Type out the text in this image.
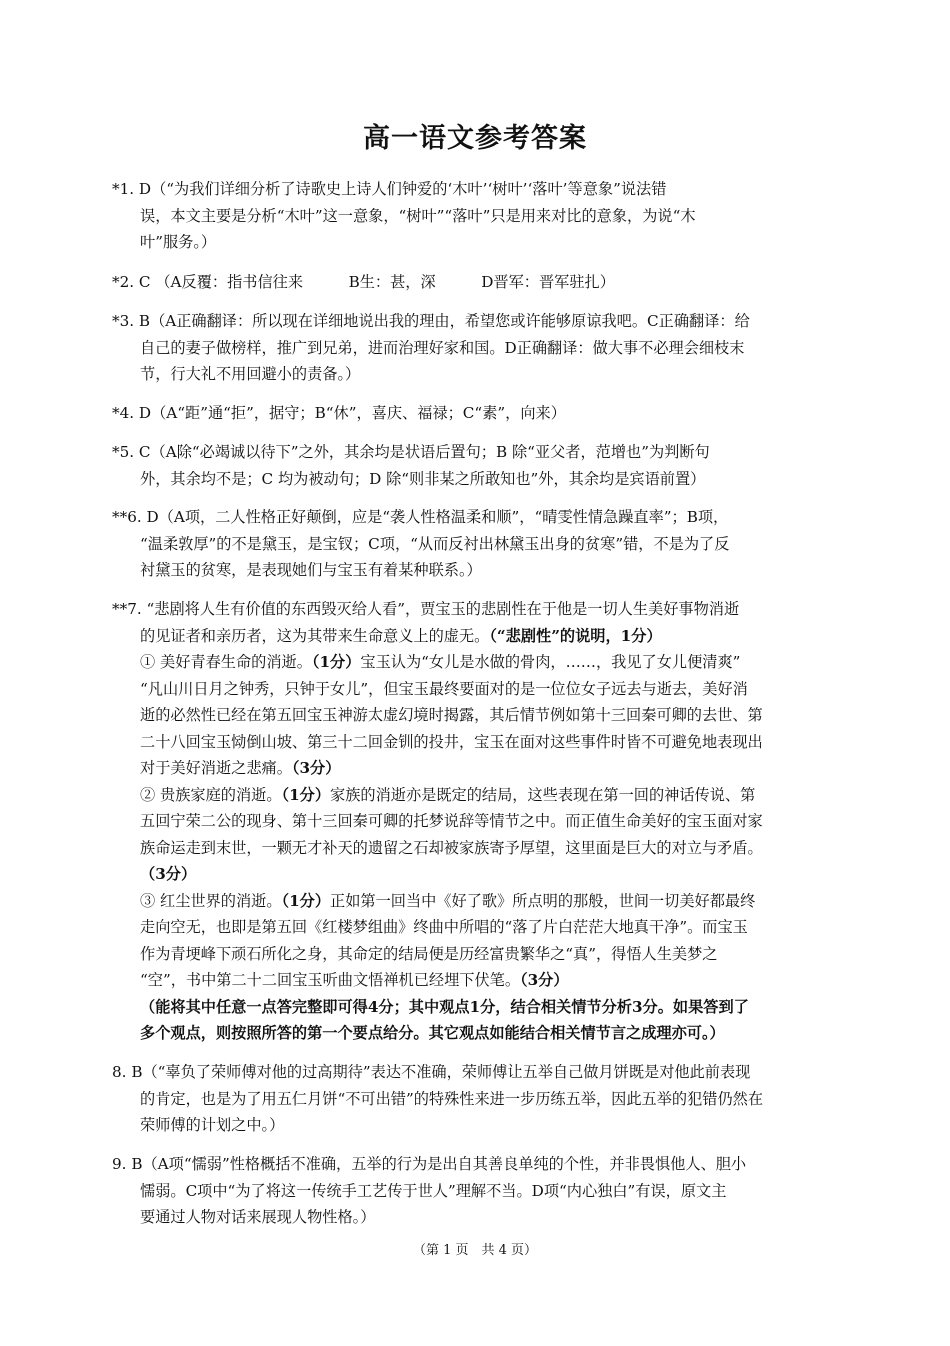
高一语文参考答案
*1. D（“为我们详细分析了诗歌史上诗人们钟爱的‘木叶’‘树叶’‘落叶’等意象”说法错
误，本文主要是分析“木叶”这一意象，“树叶”“落叶”只是用来对比的意象，为说“木
叶”服务。）
*2. C （A反覆：指书信往来　　　B生：甚，深　　　D晋军：晋军驻扎）
*3. B（A正确翻译：所以现在详细地说出我的理由，希望您或许能够原谅我吧。C正确翻译：给
自己的妻子做榜样，推广到兄弟，进而治理好家和国。D正确翻译：做大事不必理会细枝末
节，行大礼不用回避小的责备。）
*4. D（A“距”通“拒”，据守；B“休”，喜庆、福禄；C“素”，向来）
*5. C（A除“必竭诚以待下”之外，其余均是状语后置句；B 除“亚父者，范增也”为判断句
外，其余均不是；C 均为被动句；D 除“则非某之所敢知也”外，其余均是宾语前置）
**6. D（A项，二人性格正好颠倒，应是“袭人性格温柔和顺”，“晴雯性情急躁直率”；B项，
“温柔敦厚”的不是黛玉，是宝钗；C项，“从而反衬出林黛玉出身的贫寒”错，不是为了反
衬黛玉的贫寒，是表现她们与宝玉有着某种联系。）
**7. “悲剧将人生有价值的东西毁灭给人看”，贾宝玉的悲剧性在于他是一切人生美好事物消逝
的见证者和亲历者，这为其带来生命意义上的虚无。（“悲剧性”的说明，1分）
① 美好青春生命的消逝。（1分）宝玉认为“女儿是水做的骨肉，……，我见了女儿便清爽”
“凡山川日月之钟秀，只钟于女儿”，但宝玉最终要面对的是一位位女子远去与逝去，美好消
逝的必然性已经在第五回宝玉神游太虚幻境时揭露，其后情节例如第十三回秦可卿的去世、第
二十八回宝玉恸倒山坡、第三十二回金钏的投井，宝玉在面对这些事件时皆不可避免地表现出
对于美好消逝之悲痛。（3分）
② 贵族家庭的消逝。（1分）家族的消逝亦是既定的结局，这些表现在第一回的神话传说、第
五回宁荣二公的现身、第十三回秦可卿的托梦说辞等情节之中。而正值生命美好的宝玉面对家
族命运走到末世，一颗无才补天的遗留之石却被家族寄予厚望，这里面是巨大的对立与矛盾。
（3分）
③ 红尘世界的消逝。（1分）正如第一回当中《好了歌》所点明的那般，世间一切美好都最终
走向空无，也即是第五回《红楼梦组曲》终曲中所唱的“落了片白茫茫大地真干净”。而宝玉
作为青埂峰下顽石所化之身，其命定的结局便是历经富贵繁华之“真”，得悟人生美梦之
“空”，书中第二十二回宝玉听曲文悟禅机已经埋下伏笔。（3分）
（能将其中任意一点答完整即可得4分；其中观点1分，结合相关情节分析3分。如果答到了
多个观点，则按照所答的第一个要点给分。其它观点如能结合相关情节言之成理亦可。）
8. B（“辜负了荣师傅对他的过高期待”表达不准确，荣师傅让五举自己做月饼既是对他此前表现
的肯定，也是为了用五仁月饼“不可出错”的特殊性来进一步历练五举，因此五举的犯错仍然在
荣师傅的计划之中。）
9. B（A项“懦弱”性格概括不准确，五举的行为是出自其善良单纯的个性，并非畏惧他人、胆小
懦弱。C项中“为了将这一传统手工艺传于世人”理解不当。D项“内心独白”有误，原文主
要通过人物对话来展现人物性格。）
（第 1 页　共 4 页）
